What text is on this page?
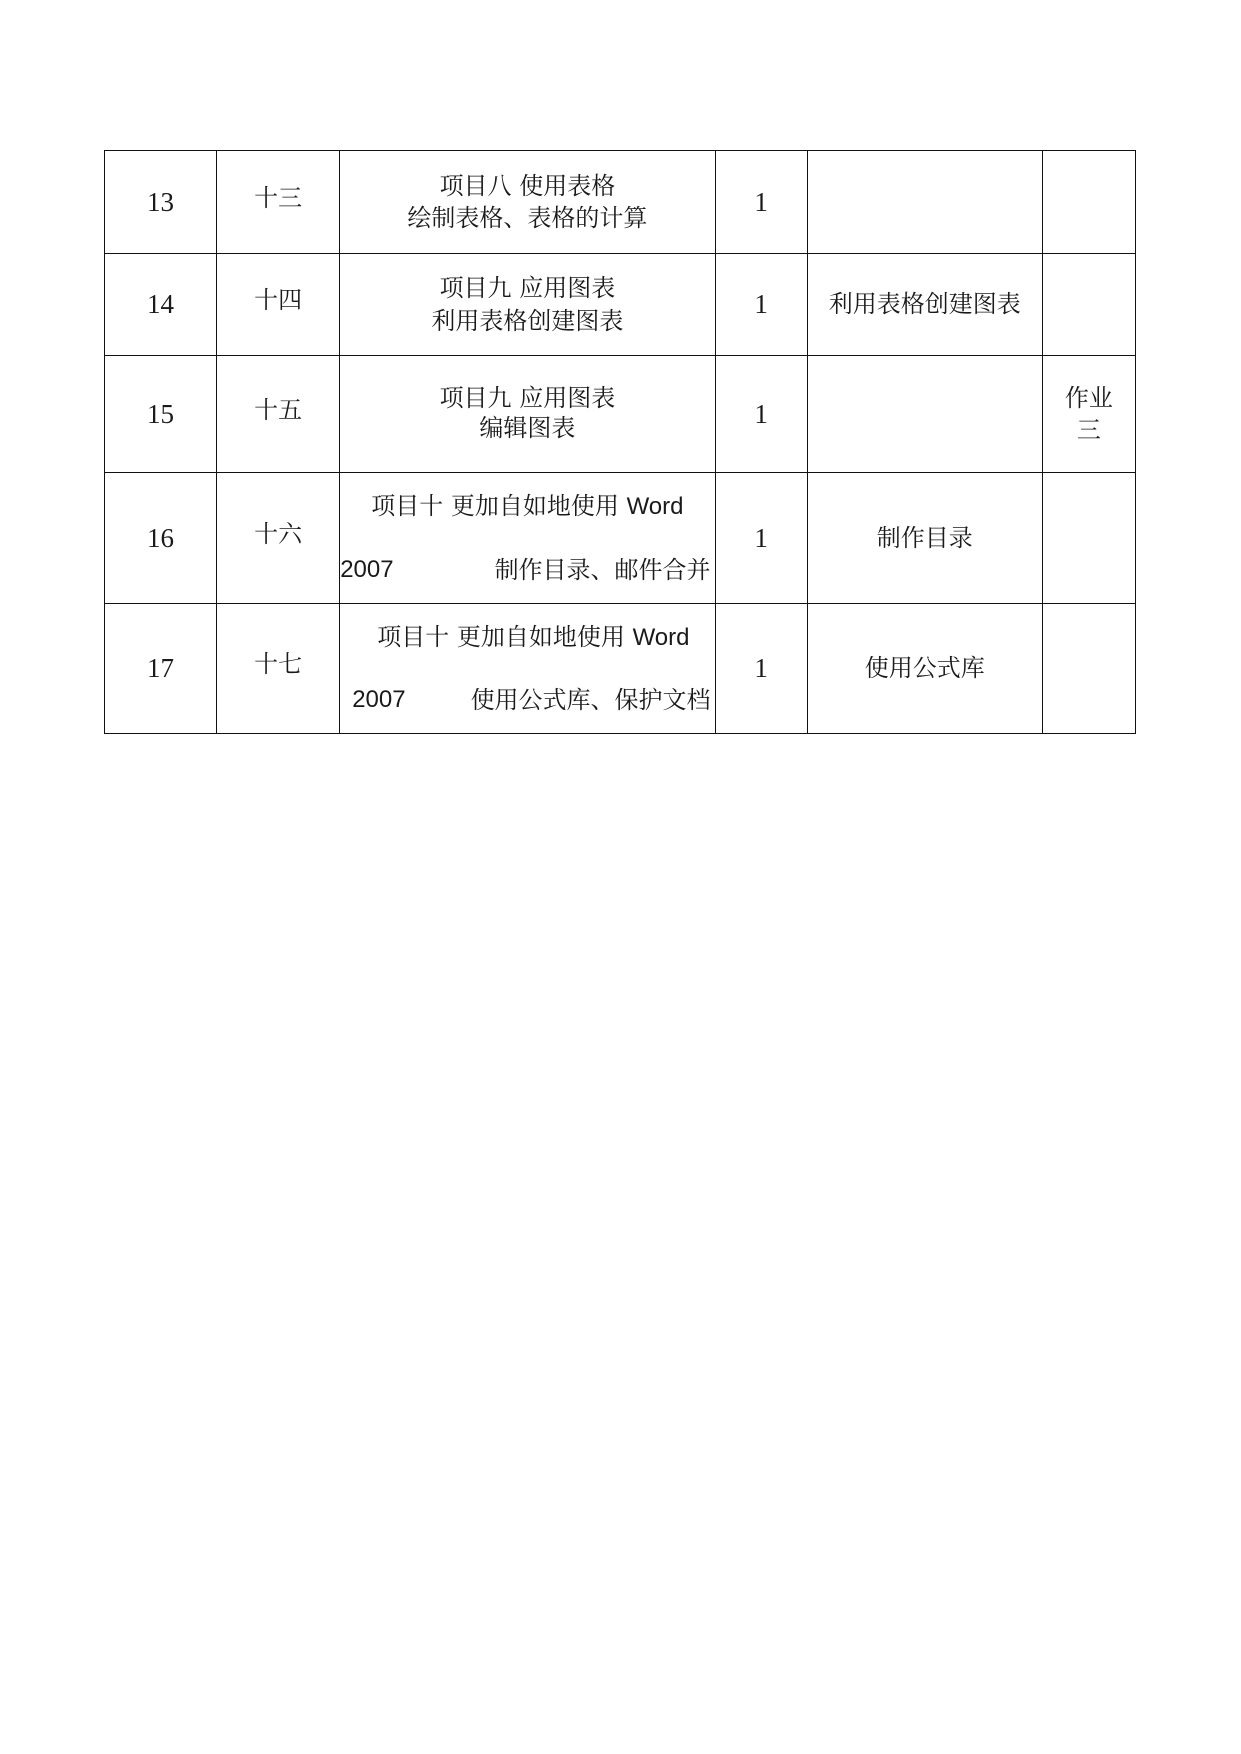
13	十三	项目八 使用表格
绘制表格、表格的计算	1		

14	十四	项目九 应用图表
利用表格创建图表	1	利用表格创建图表	

15	十五	项目九 应用图表
编辑图表	1		作业
三

16	十六	项目十 更加自如地使用 Word
2007 制作目录、邮件合并	1	制作目录	

17	十七	项目十 更加自如地使用 Word
2007 使用公式库、保护文档	1	使用公式库	
